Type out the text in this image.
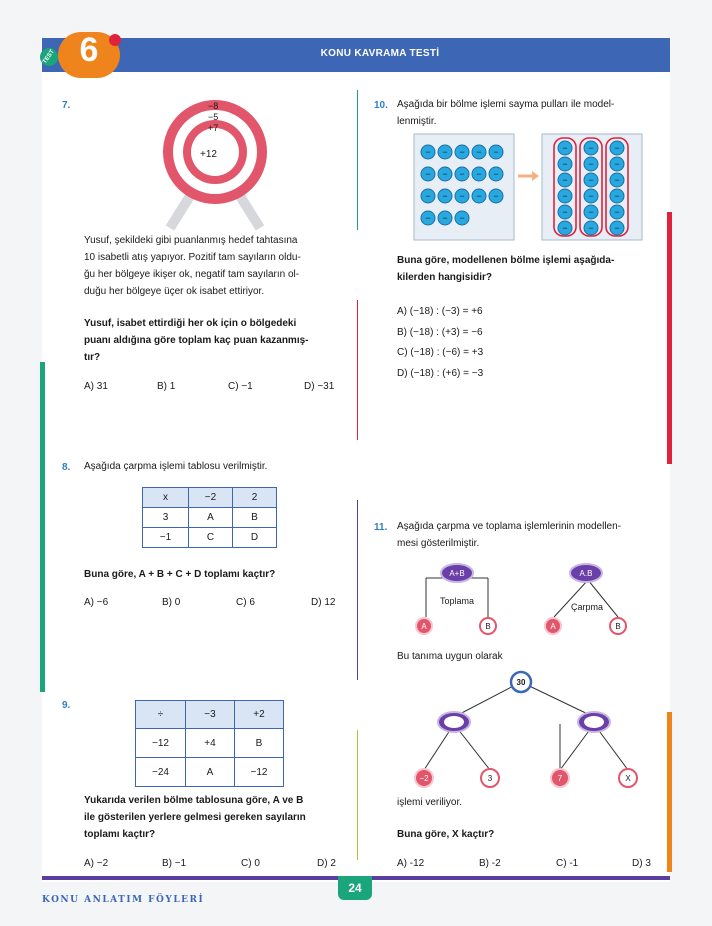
TEST 6	KONU KAVRAMA TESTİ
7.	−8
−5
+7
+12
Yusuf, şekildeki gibi puanlanmış hedef tahtasına
10 isabetli atış yapıyor. Pozitif tam sayıların oldu-
ğu her bölgeye ikişer ok, negatif tam sayıların ol-
duğu her bölgeye üçer ok isabet ettiriyor.
Yusuf, isabet ettirdiği her ok için o bölgedeki
puanı aldığına göre toplam kaç puan kazanmış-
tır?
A) 31	B) 1	C) −1	D) −31
8. Aşağıda çarpma işlemi tablosu verilmiştir.
x	−2	2
3	A	B
−1	C	D
Buna göre, A + B + C + D toplamı kaçtır?
A) −6	B) 0	C) 6	D) 12
9.
÷	−3	+2
−12	+4	B
−24	A	−12
Yukarıda verilen bölme tablosuna göre, A ve B
ile gösterilen yerlere gelmesi gereken sayıların
toplamı kaçtır?
A) −2	B) −1	C) 0	D) 2
10. Aşağıda bir bölme işlemi sayma pulları ile model-
lenmiştir.
− − − − −
− − − − −
− − − − −
− − −
−
−
−
−
−
−
−
−
−
−
−
−
−
−
−
−
−
−
Buna göre, modellenen bölme işlemi aşağıda-
kilerden hangisidir?
A) (−18) : (−3) = +6
B) (−18) : (+3) = −6
C) (−18) : (−6) = +3
D) (−18) : (+6) = −3
11. Aşağıda çarpma ve toplama işlemlerinin modellen-
mesi gösterilmiştir.
A+B
Toplama
A	B
A.B
Çarpma
A	B
Bu tanıma uygun olarak
30
−2	3	7	X
işlemi veriliyor.
Buna göre, X kaçtır?
A) -12	B) -2	C) -1	D) 3
24
KONU ANLATIM FÖYLERİ
